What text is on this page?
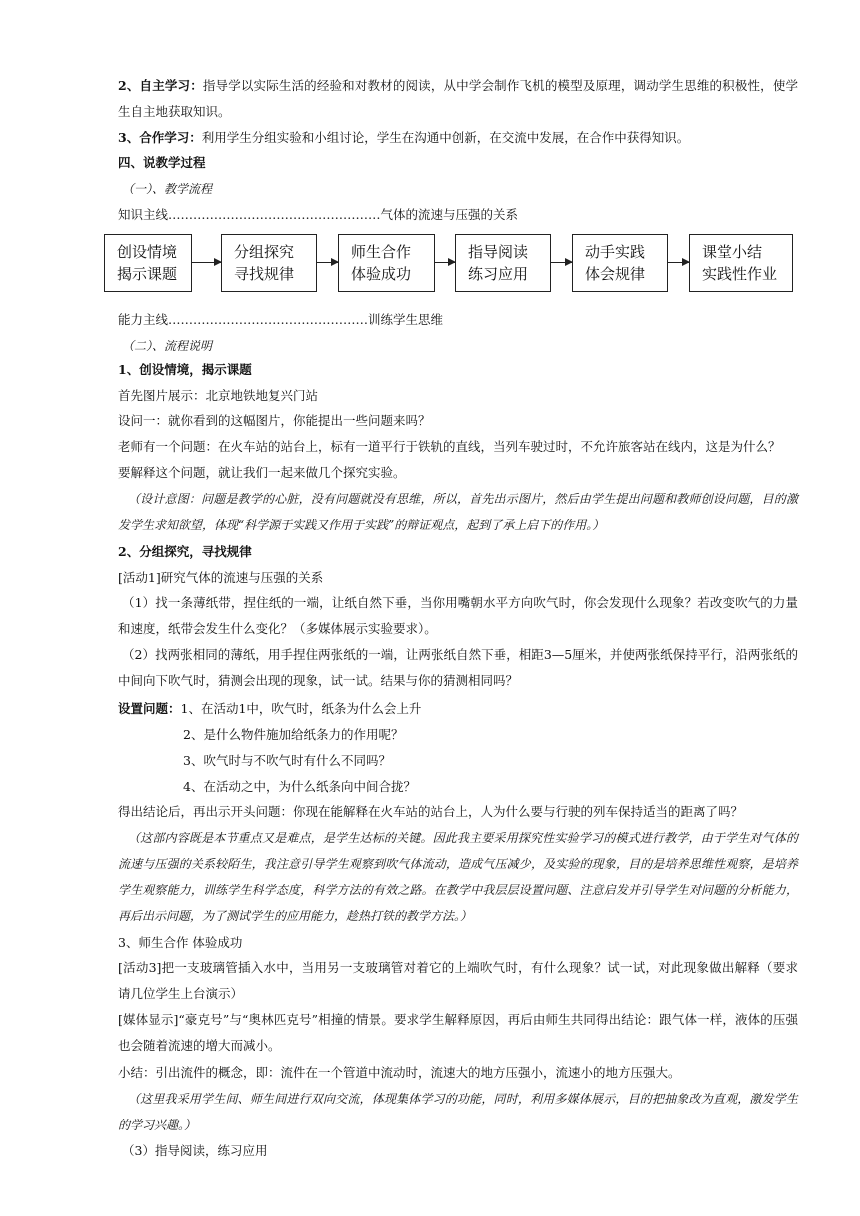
2、自主学习：指导学以实际生活的经验和对教材的阅读，从中学会制作飞机的模型及原理，调动学生思维的积极性，使学生自主地获取知识。
3、合作学习：利用学生分组实验和小组讨论，学生在沟通中创新，在交流中发展，在合作中获得知识。
四、说教学过程
（一）、教学流程
知识主线……………………………………………气体的流速与压强的关系
创设情境
揭示课题
分组探究
寻找规律
师生合作
体验成功
指导阅读
练习应用
动手实践
体会规律
课堂小结
实践性作业
能力主线…………………………………………训练学生思维
（二）、流程说明
1、创设情境，揭示课题
首先图片展示：北京地铁地复兴门站
设问一：就你看到的这幅图片，你能提出一些问题来吗？
老师有一个问题：在火车站的站台上，标有一道平行于铁轨的直线，当列车驶过时，不允许旅客站在线内，这是为什么？
要解释这个问题，就让我们一起来做几个探究实验。
（设计意图：问题是教学的心脏，没有问题就没有思维，所以，首先出示图片，然后由学生提出问题和教师创设问题，目的激发学生求知欲望，体现“科学源于实践又作用于实践”的辩证观点，起到了承上启下的作用。）
2、分组探究，寻找规律
[活动1]研究气体的流速与压强的关系
（1）找一条薄纸带，捏住纸的一端，让纸自然下垂，当你用嘴朝水平方向吹气时，你会发现什么现象？若改变吹气的力量和速度，纸带会发生什么变化？（多媒体展示实验要求）。
（2）找两张相同的薄纸，用手捏住两张纸的一端，让两张纸自然下垂，相距3—5厘米，并使两张纸保持平行，沿两张纸的中间向下吹气时，猜测会出现的现象，试一试。结果与你的猜测相同吗？
设置问题：1、在活动1中，吹气时，纸条为什么会上升
2、是什么物件施加给纸条力的作用呢？
3、吹气时与不吹气时有什么不同吗？
4、在活动之中，为什么纸条向中间合拢？
得出结论后，再出示开头问题：你现在能解释在火车站的站台上，人为什么要与行驶的列车保持适当的距离了吗？
（这部内容既是本节重点又是难点，是学生达标的关键。因此我主要采用探究性实验学习的模式进行教学，由于学生对气体的流速与压强的关系较陌生，我注意引导学生观察到吹气体流动，造成气压减少，及实验的现象，目的是培养思维性观察，是培养学生观察能力，训练学生科学态度，科学方法的有效之路。在教学中我层层设置问题、注意启发并引导学生对问题的分析能力，再后出示问题，为了测试学生的应用能力，趁热打铁的教学方法。）
3、师生合作 体验成功
[活动3]把一支玻璃管插入水中，当用另一支玻璃管对着它的上端吹气时，有什么现象？试一试，对此现象做出解释（要求请几位学生上台演示）
[媒体显示]“豪克号”与“奥林匹克号”相撞的情景。要求学生解释原因，再后由师生共同得出结论：跟气体一样，液体的压强也会随着流速的增大而减小。
小结：引出流件的概念，即：流件在一个管道中流动时，流速大的地方压强小，流速小的地方压强大。
（这里我采用学生间、师生间进行双向交流，体现集体学习的功能，同时，利用多媒体展示，目的把抽象改为直观，激发学生的学习兴趣。）
（3）指导阅读，练习应用
